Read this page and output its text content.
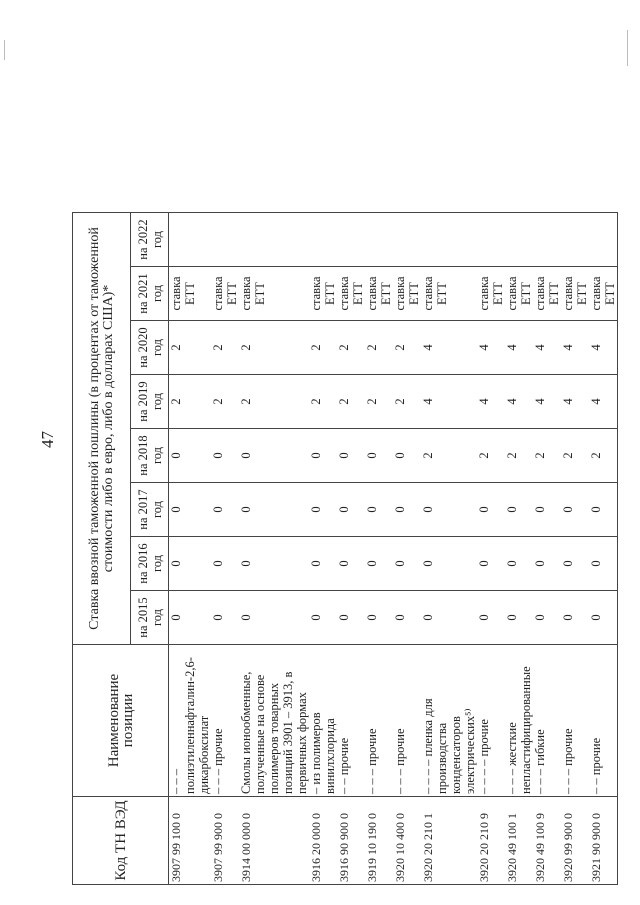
47
Код ТН ВЭД	Наименование позиции	Ставка ввозной таможенной пошлины (в процентах от таможенной стоимости либо в евро, либо в долларах США)*							
		на 2015 год	на 2016 год	на 2017 год	на 2018 год	на 2019 год	на 2020 год	на 2021 год	на 2022 год
3907 99 100 0	– – – полиэтиленнафталин-2,6-дикарбоксилат	0	0	0	0	2	2	ставка ЕТТ	
3907 99 900 0	– – – прочие	0	0	0	0	2	2	ставка ЕТТ	
3914 00 000 0	Смолы ионообменные, полученные на основе полимеров товарных позиций 3901 – 3913, в первичных формах	0	0	0	0	2	2	ставка ЕТТ	
3916 20 000 0	– из полимеров винилхлорида	0	0	0	0	2	2	ставка ЕТТ	
3916 90 900 0	– – прочие	0	0	0	0	2	2	ставка ЕТТ	
3919 10 190 0	– – – прочие	0	0	0	0	2	2	ставка ЕТТ	
3920 10 400 0	– – – прочие	0	0	0	0	2	2	ставка ЕТТ	
3920 20 210 1	– – – – пленка для производства конденсаторов электрических⁵⁾	0	0	0	2	4	4	ставка ЕТТ	
3920 20 210 9	– – – – прочие	0	0	0	2	4	4	ставка ЕТТ	
3920 49 100 1	– – – жесткие непластифицированные	0	0	0	2	4	4	ставка ЕТТ	
3920 49 100 9	– – – гибкие	0	0	0	2	4	4	ставка ЕТТ	
3920 99 900 0	– – – прочие	0	0	0	2	4	4	ставка ЕТТ	
3921 90 900 0	– – прочие	0	0	0	2	4	4	ставка ЕТТ	
